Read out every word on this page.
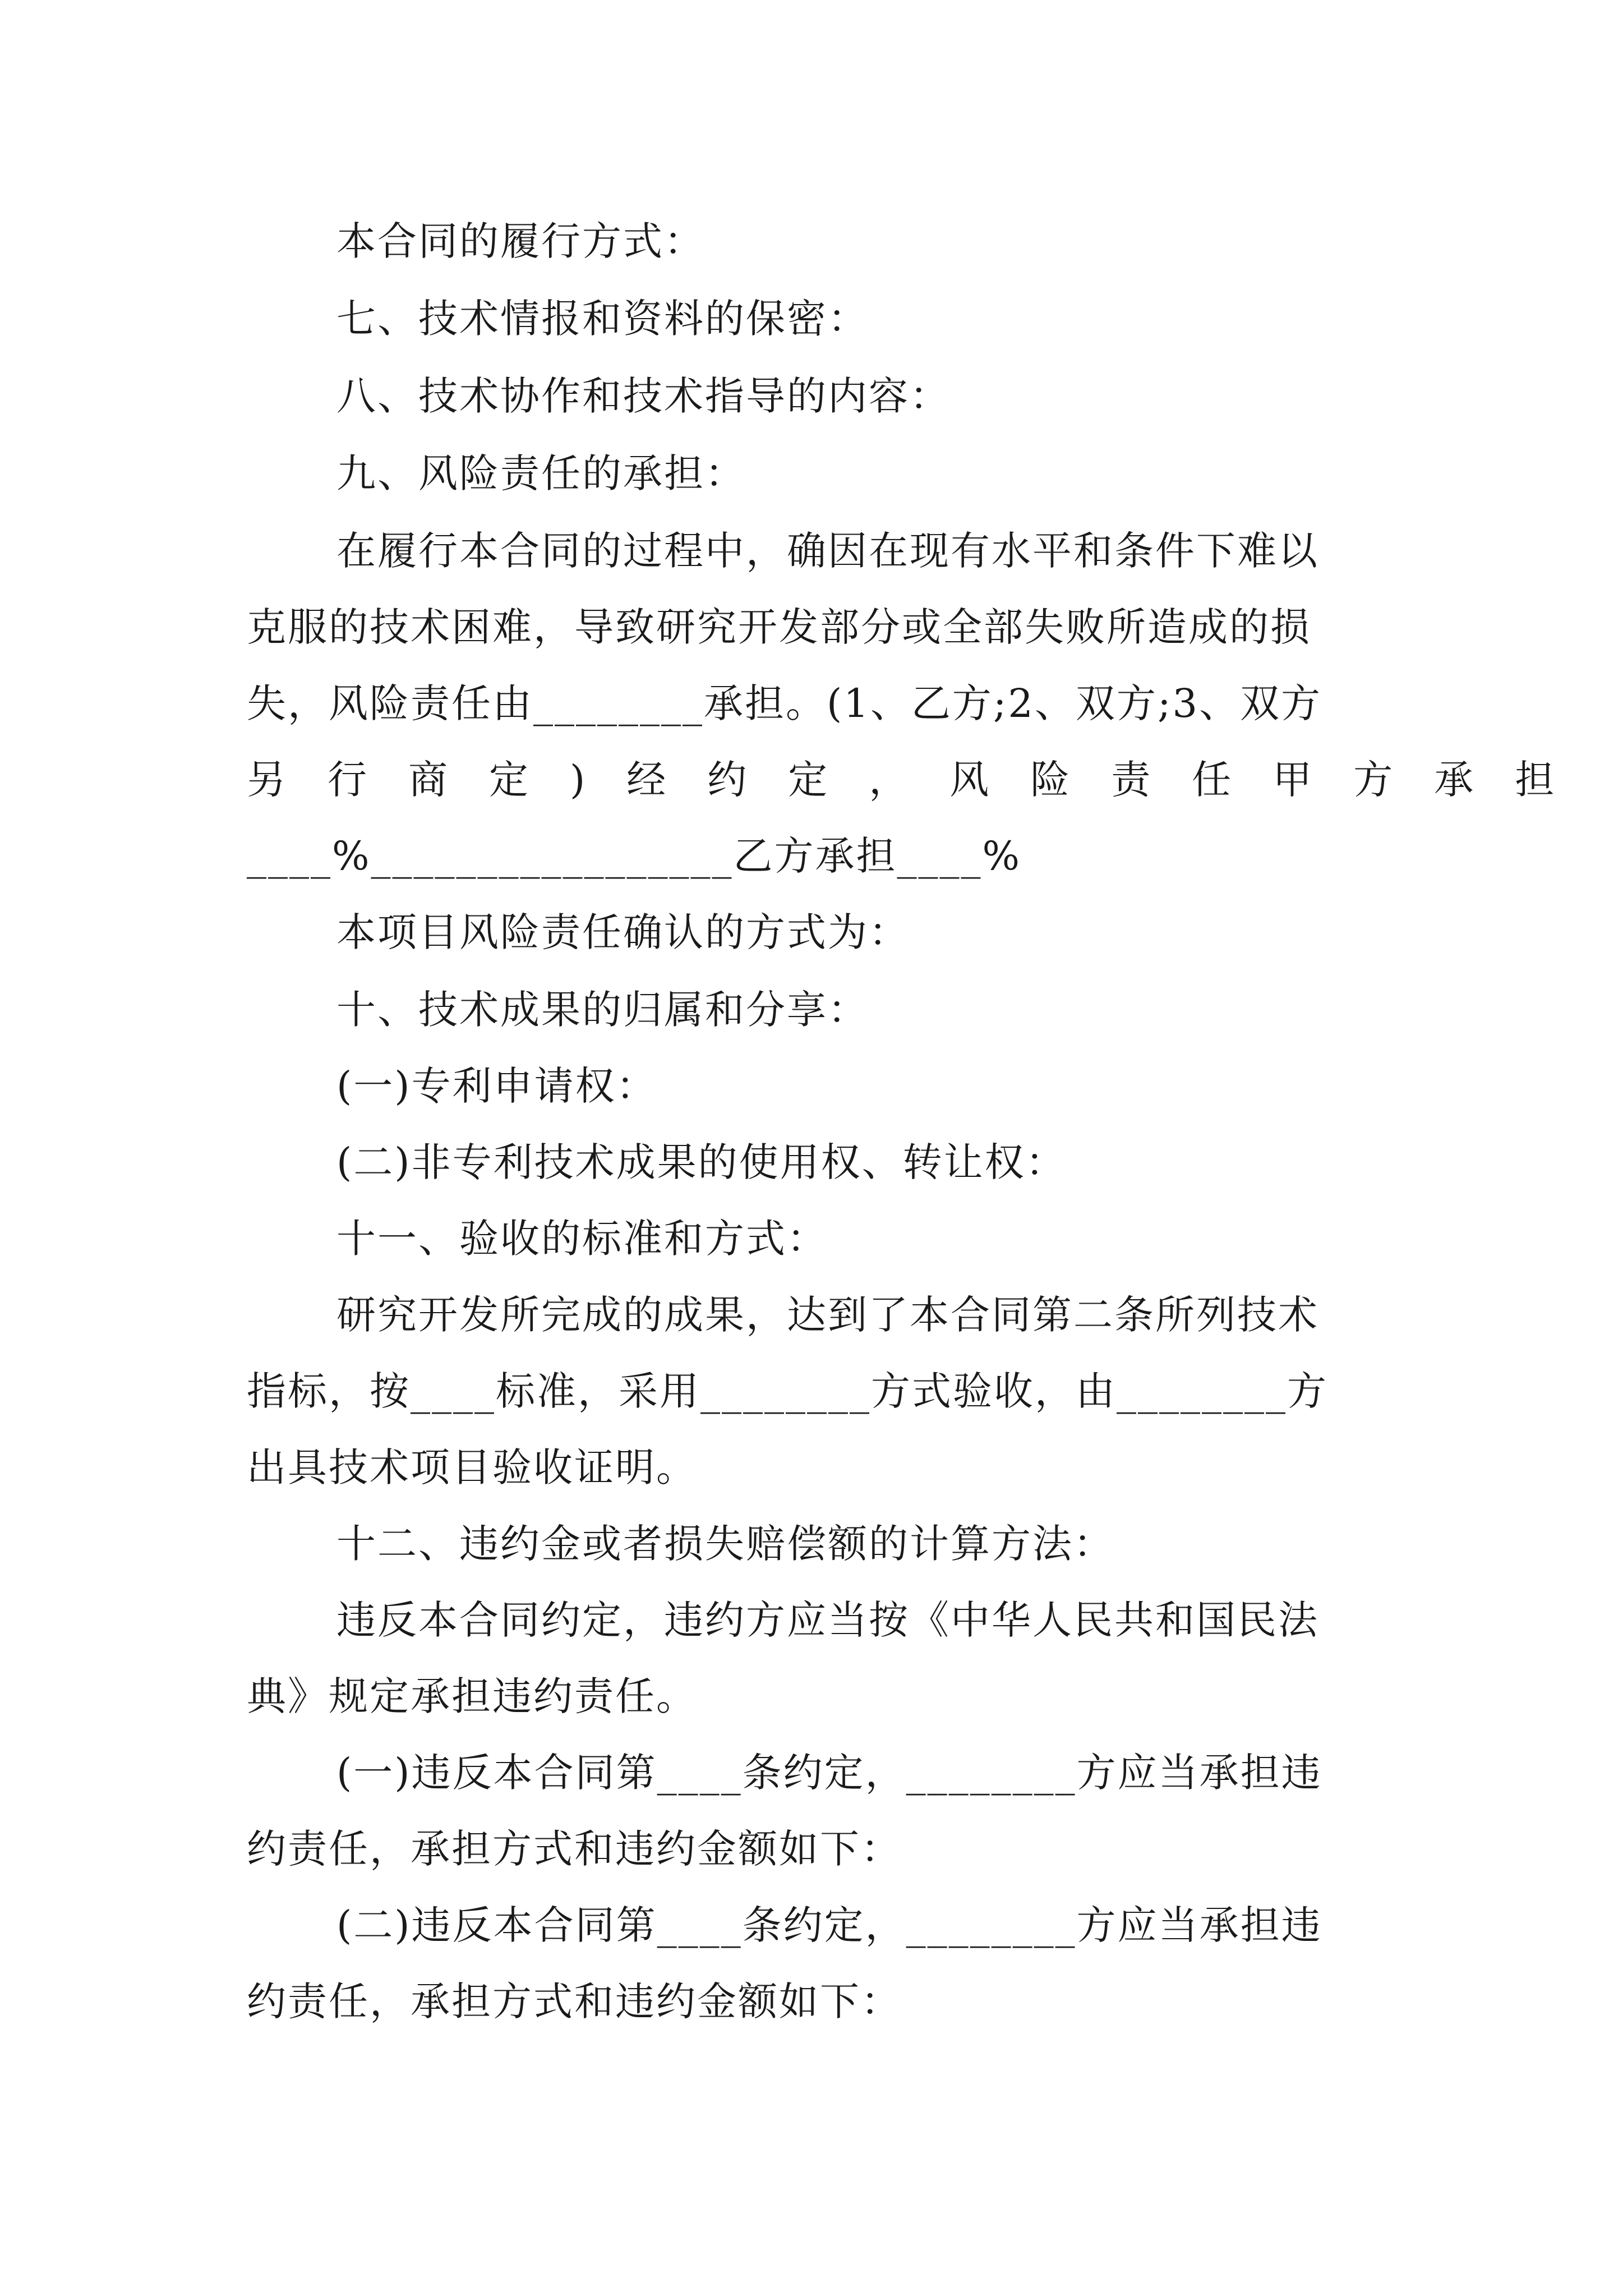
本合同的履行方式：
七、技术情报和资料的保密：
八、技术协作和技术指导的内容：
九、风险责任的承担：
在履行本合同的过程中，确因在现有水平和条件下难以
克服的技术困难，导致研究开发部分或全部失败所造成的损
失，风险责任由________承担。(1、乙方;2、双方;3、双方
另行商定)经约定，风险责任甲方承担
____%_________________乙方承担____%
本项目风险责任确认的方式为：
十、技术成果的归属和分享：
(一)专利申请权：
(二)非专利技术成果的使用权、转让权：
十一、验收的标准和方式：
研究开发所完成的成果，达到了本合同第二条所列技术
指标，按____标准，采用________方式验收，由________方
出具技术项目验收证明。
十二、违约金或者损失赔偿额的计算方法：
违反本合同约定，违约方应当按《中华人民共和国民法
典》规定承担违约责任。
(一)违反本合同第____条约定，________方应当承担违
约责任，承担方式和违约金额如下：
(二)违反本合同第____条约定，________方应当承担违
约责任，承担方式和违约金额如下：
